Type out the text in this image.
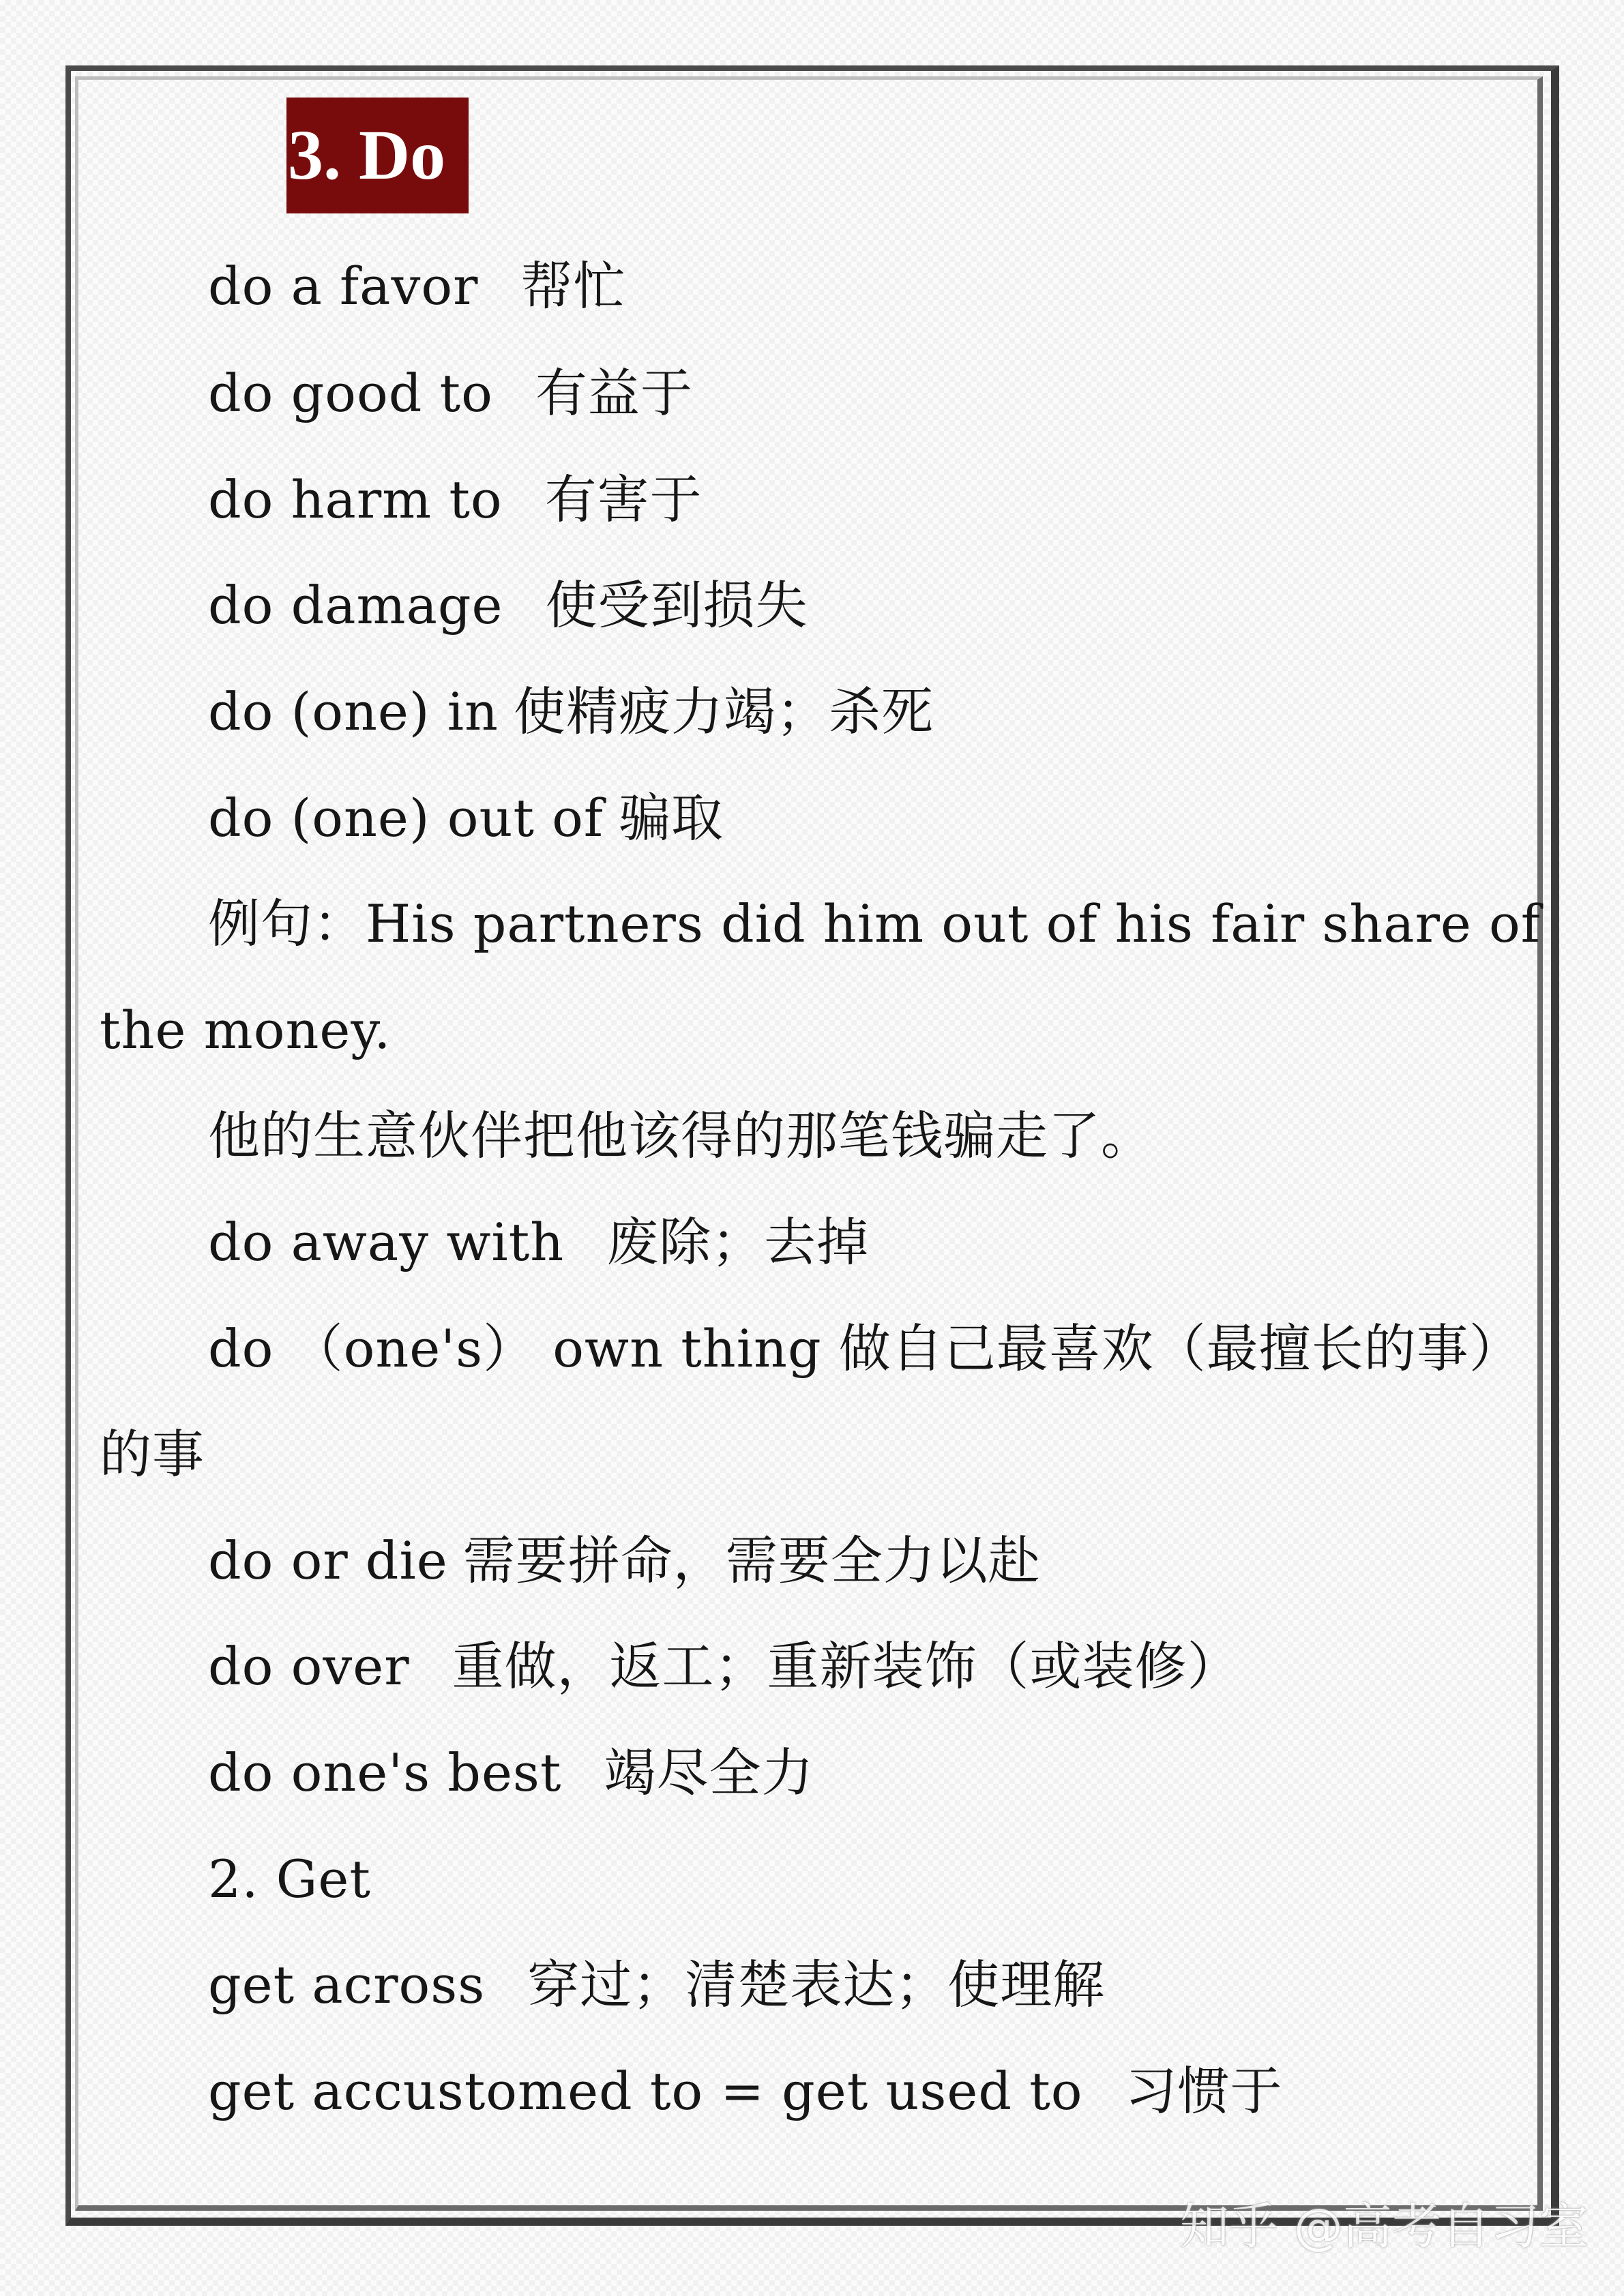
3. Do
do a favor 帮忙
do good to 有益于
do harm to 有害于
do damage 使受到损失
do (one) in 使精疲力竭；杀死
do (one) out of 骗取
例句：His partners did him out of his fair share of
the money.
他的生意伙伴把他该得的那笔钱骗走了。
do away with 废除；去掉
do （one's） own thing 做自己最喜欢（最擅长的事）
的事
do or die 需要拼命，需要全力以赴
do over 重做，返工；重新装饰（或装修）
do one's best 竭尽全力
2. Get
get across 穿过；清楚表达；使理解
get accustomed to = get used to 习惯于
知乎 @高考自习室
